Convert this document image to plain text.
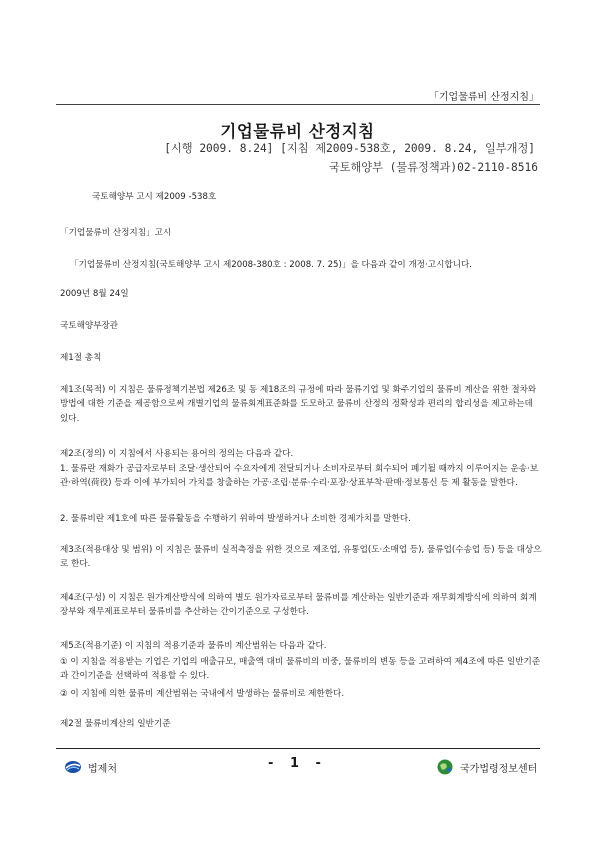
「기업물류비 산정지침」
기업물류비 산정지침
[시행 2009. 8.24] [지침 제2009-538호, 2009. 8.24, 일부개정]
국토해양부 (물류정책과)02-2110-8516
국토해양부 고시 제2009 -538호
「기업물류비 산정지침」고시
「기업물류비 산정지침(국토해양부 고시 제2008-380호 : 2008. 7. 25)」을 다음과 같이 개정·고시합니다.
2009년 8월 24일
국토해양부장관
제1절 총칙
제1조(목적) 이 지침은 물류정책기본법 제26조 및 동 제18조의 규정에 따라 물류기업 및 화주기업의 물류비 계산을 위한 절차와 방법에 대한 기준을 제공함으로써 개별기업의 물류회계표준화를 도모하고 물류비 산정의 정확성과 편리의 합리성을 제고하는데 있다.
제2조(정의) 이 지침에서 사용되는 용어의 정의는 다음과 같다.
1. 물류란 재화가 공급자로부터 조달·생산되어 수요자에게 전달되거나 소비자로부터 회수되어 폐기될 때까지 이루어지는 운송·보관·하역(荷役) 등과 이에 부가되어 가치를 창출하는 가공·조립·분류·수리·포장·상표부착·판매·정보통신 등 제 활동을 말한다.
2. 물류비란 제1호에 따른 물류활동을 수행하기 위하여 발생하거나 소비한 경제가치를 말한다.
제3조(적용대상 및 범위) 이 지침은 물류비 실적측정을 위한 것으로 제조업, 유통업(도·소매업 등), 물류업(수송업 등) 등을 대상으로 한다.
제4조(구성) 이 지침은 원가계산방식에 의하여 별도 원가자료로부터 물류비를 계산하는 일반기준과 재무회계방식에 의하여 회계장부와 재무제표로부터 물류비를 추산하는 간이기준으로 구성한다.
제5조(적용기준) 이 지침의 적용기준과 물류비 계산범위는 다음과 같다.
① 이 지침을 적용받는 기업은 기업의 매출규모, 매출액 대비 물류비의 비중, 물류비의 변동 등을 고려하여 제4조에 따른 일반기준과 간이기준을 선택하여 적용할 수 있다.
② 이 지침에 의한 물류비 계산범위는 국내에서 발생하는 물류비로 제한한다.
제2절 물류비계산의 일반기준
법제처	- 1 -	국가법령정보센터
